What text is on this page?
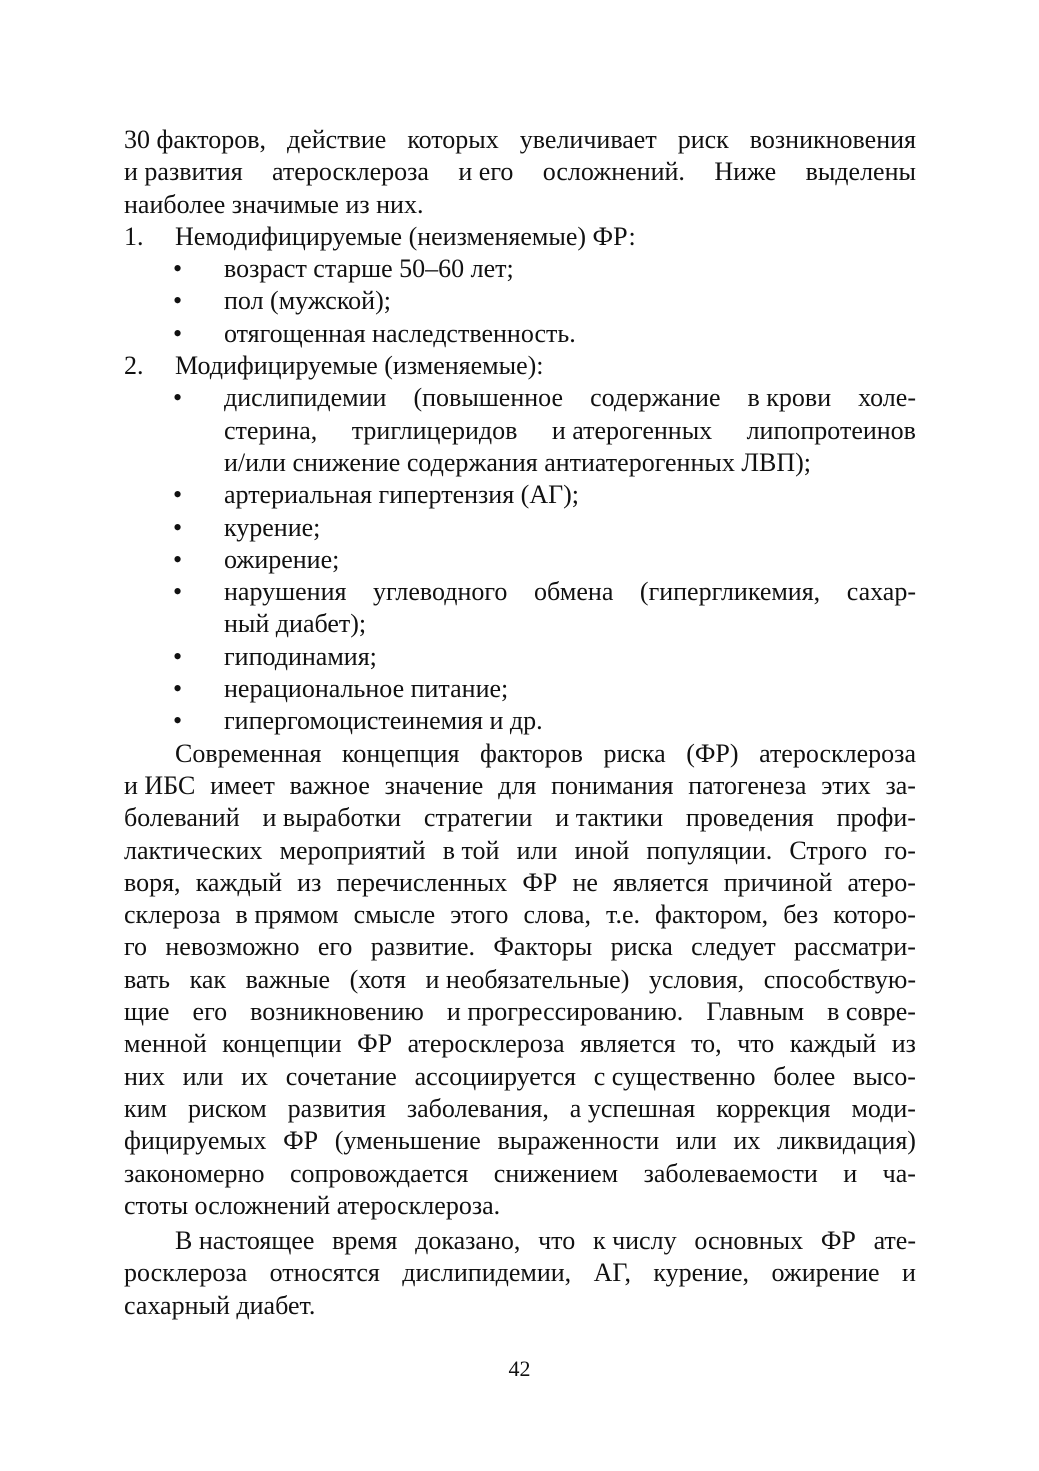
30 факторов, действие которых увеличивает риск возникновения
и развития атеросклероза и его осложнений. Ниже выделены
наиболее значимые из них.
1.	Немодифицируемые (неизменяемые) ФР:
•	возраст старше 50–60 лет;
•	пол (мужской);
•	отягощенная наследственность.
2.	Модифицируемые (изменяемые):
•	дислипидемии (повышенное содержание в крови холе-
стерина, триглицеридов и атерогенных липопротеинов
и/или снижение содержания антиатерогенных ЛВП);
•	артериальная гипертензия (АГ);
•	курение;
•	ожирение;
•	нарушения углеводного обмена (гипергликемия, сахар-
ный диабет);
•	гиподинамия;
•	нерациональное питание;
•	гипергомоцистеинемия и др.
Современная концепция факторов риска (ФР) атеросклероза
и ИБС имеет важное значение для понимания патогенеза этих за-
болеваний и выработки стратегии и тактики проведения профи-
лактических мероприятий в той или иной популяции. Строго го-
воря, каждый из перечисленных ФР не является причиной атеро-
склероза в прямом смысле этого слова, т.е. фактором, без которо-
го невозможно его развитие. Факторы риска следует рассматри-
вать как важные (хотя и необязательные) условия, способствую-
щие его возникновению и прогрессированию. Главным в совре-
менной концепции ФР атеросклероза является то, что каждый из
них или их сочетание ассоциируется с существенно более высо-
ким риском развития заболевания, а успешная коррекция моди-
фицируемых ФР (уменьшение выраженности или их ликвидация)
закономерно сопровождается снижением заболеваемости и ча-
стоты осложнений атеросклероза.
В настоящее время доказано, что к числу основных ФР ате-
росклероза относятся дислипидемии, АГ, курение, ожирение и
сахарный диабет.
42
